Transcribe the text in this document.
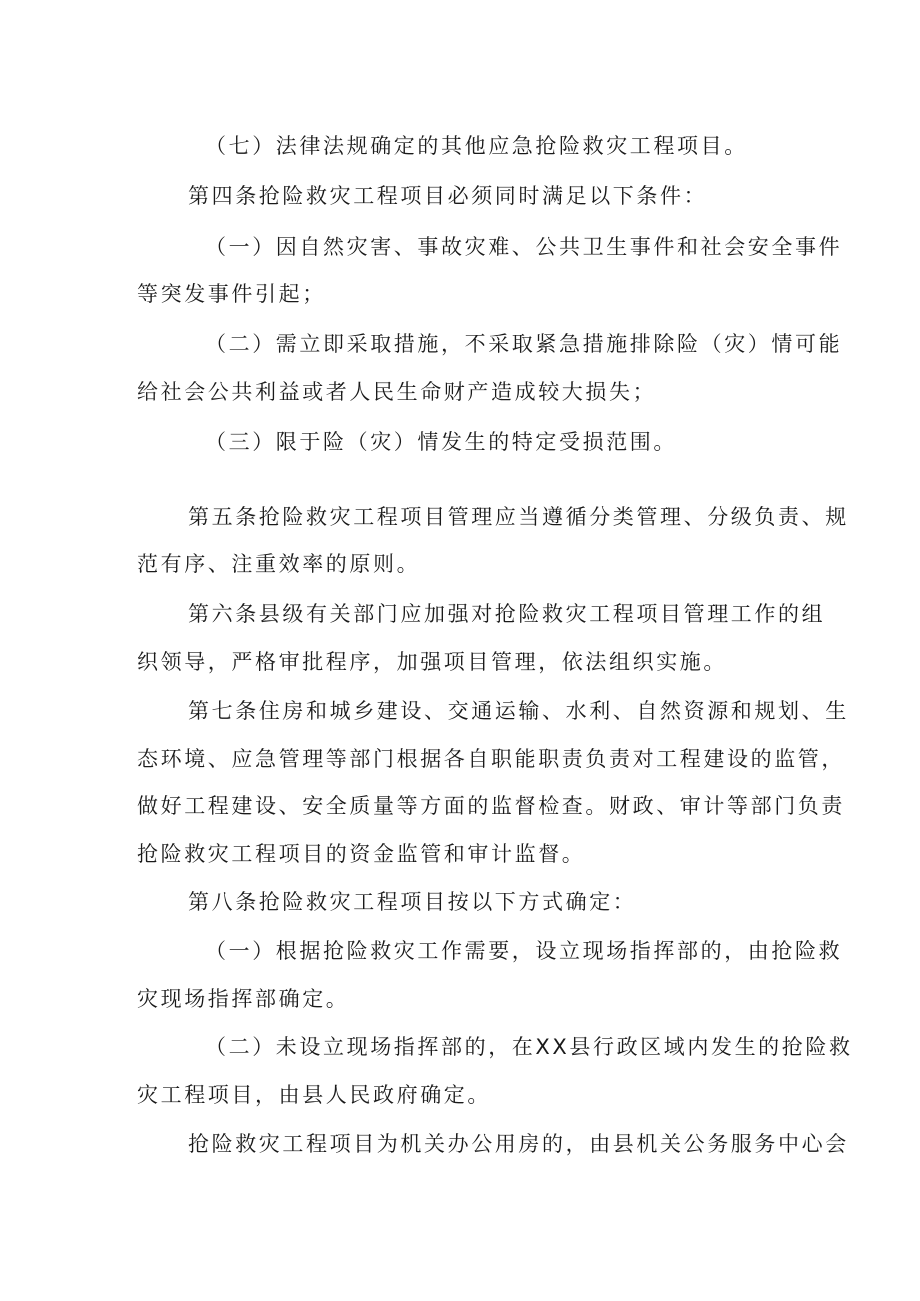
（七）法律法规确定的其他应急抢险救灾工程项目。
第四条抢险救灾工程项目必须同时满足以下条件：
（一）因自然灾害、事故灾难、公共卫生事件和社会安全事件
等突发事件引起；
（二）需立即采取措施，不采取紧急措施排除险（灾）情可能
给社会公共利益或者人民生命财产造成较大损失；
（三）限于险（灾）情发生的特定受损范围。
第五条抢险救灾工程项目管理应当遵循分类管理、分级负责、规
范有序、注重效率的原则。
第六条县级有关部门应加强对抢险救灾工程项目管理工作的组
织领导，严格审批程序，加强项目管理，依法组织实施。
第七条住房和城乡建设、交通运输、水利、自然资源和规划、生
态环境、应急管理等部门根据各自职能职责负责对工程建设的监管，
做好工程建设、安全质量等方面的监督检查。财政、审计等部门负责
抢险救灾工程项目的资金监管和审计监督。
第八条抢险救灾工程项目按以下方式确定：
（一）根据抢险救灾工作需要，设立现场指挥部的，由抢险救
灾现场指挥部确定。
（二）未设立现场指挥部的，在XX县行政区域内发生的抢险救
灾工程项目，由县人民政府确定。
抢险救灾工程项目为机关办公用房的，由县机关公务服务中心会
